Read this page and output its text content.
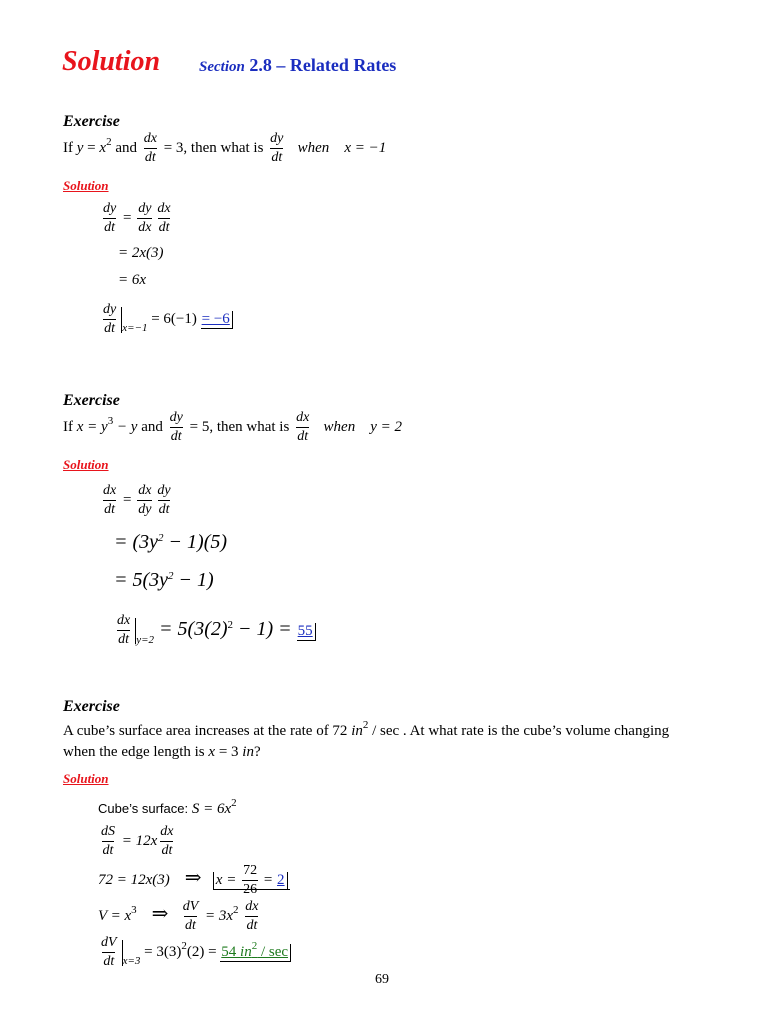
Solution	Section 2.8 – Related Rates
Exercise
If $y = x^2$ and $\frac{dx}{dt} = 3$, then what is $\frac{dy}{dt}$ when x = −1
Solution
$\frac{dy}{dt} = \frac{dy}{dx} \frac{dx}{dt}$
= 2x(3)
= 6x
$\frac{dy}{dt} _{x=-1} = 6(-1) = -6$
Exercise
If $x = y^3 - y$ and $\frac{dy}{dt} = 5$, then what is $\frac{dx}{dt}$ when y = 2
Solution
$\frac{dx}{dt} = \frac{dx}{dy} \frac{dy}{dt}$
= $(3y^2 - 1)(5)$
= $5(3y^2 - 1)$
$\frac{dx}{dt} _{y=2} = 5(3(2)^2 - 1) = 55$
Exercise
A cube’s surface area increases at the rate of 72 $in^2$ / sec . At what rate is the cube’s volume changing
when the edge length is x = 3 in?
Solution
Cube’s surface: $S = 6x^2$
$\frac{dS}{dt} = 12x \frac{dx}{dt}$
72 = 12x(3) ⇒ $x = \frac{72}{26} = 2$
$V = x^3$ ⇒ $\frac{dV}{dt} = 3x^2 \frac{dx}{dt}$
$\frac{dV}{dt} _{x=3} = 3(3)^2(2) = 54$ $in^2$ / sec
69
